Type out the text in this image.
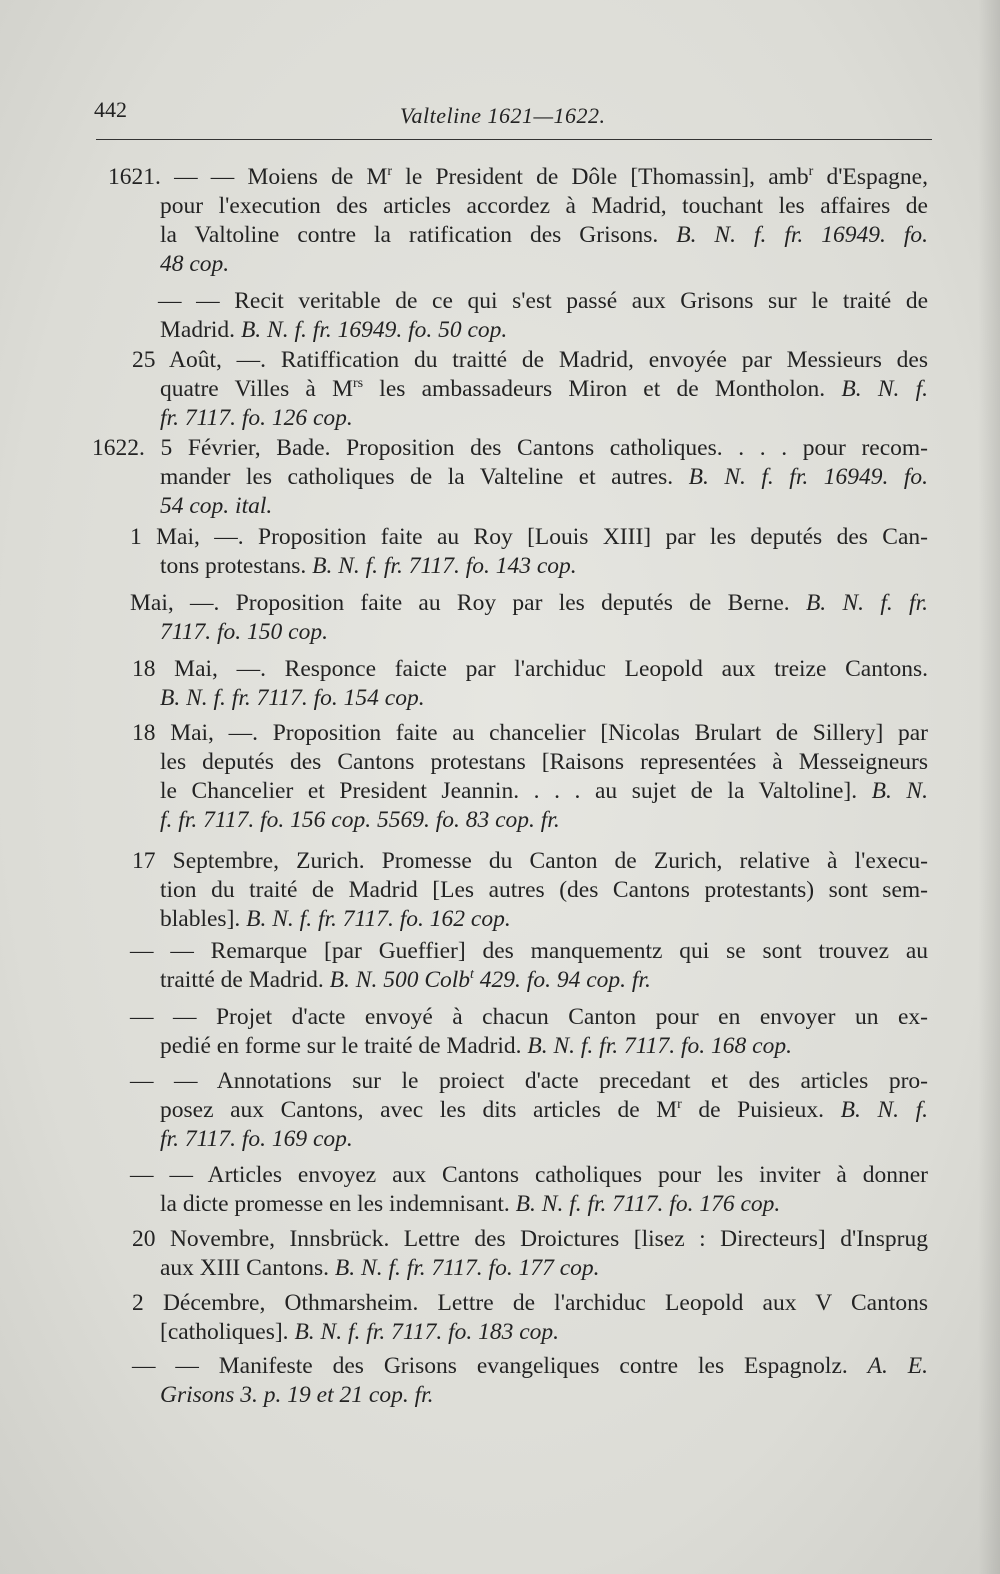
442	Valteline 1621—1622.
1621. — — Moiens de $M^r$ le President de Dôle [Thomassin], amb$^r$ d'Espagne,
pour l'execution des articles accordez à Madrid, touchant les affaires de
la Valtoline contre la ratification des Grisons. B. N. f. fr. 16949. fo.
48 cop.
— — Recit veritable de ce qui s'est passé aux Grisons sur le traité de
Madrid. B. N. f. fr. 16949. fo. 50 cop.
25 Août, —. Ratiffication du traitté de Madrid, envoyée par Messieurs des
quatre Villes à $M^{rs}$ les ambassadeurs Miron et de Montholon. B. N. f.
fr. 7117. fo. 126 cop.
1622. 5 Février, Bade. Proposition des Cantons catholiques. . . . pour recom-
mander les catholiques de la Valteline et autres. B. N. f. fr. 16949. fo.
54 cop. ital.
1 Mai, —. Proposition faite au Roy [Louis XIII] par les deputés des Can-
tons protestans. B. N. f. fr. 7117. fo. 143 cop.
Mai, —. Proposition faite au Roy par les deputés de Berne. B. N. f. fr.
7117. fo. 150 cop.
18 Mai, —. Responce faicte par l'archiduc Leopold aux treize Cantons.
B. N. f. fr. 7117. fo. 154 cop.
18 Mai, —. Proposition faite au chancelier [Nicolas Brulart de Sillery] par
les deputés des Cantons protestans [Raisons representées à Messeigneurs
le Chancelier et President Jeannin. . . . au sujet de la Valtoline]. B. N.
f. fr. 7117. fo. 156 cop. 5569. fo. 83 cop. fr.
17 Septembre, Zurich. Promesse du Canton de Zurich, relative à l'execu-
tion du traité de Madrid [Les autres (des Cantons protestants) sont sem-
blables]. B. N. f. fr. 7117. fo. 162 cop.
— — Remarque [par Gueffier] des manquementz qui se sont trouvez au
traitté de Madrid. B. N. 500 Colb$^t$ 429. fo. 94 cop. fr.
— — Projet d'acte envoyé à chacun Canton pour en envoyer un ex-
pedié en forme sur le traité de Madrid. B. N. f. fr. 7117. fo. 168 cop.
— — Annotations sur le proiect d'acte precedant et des articles pro-
posez aux Cantons, avec les dits articles de $M^r$ de Puisieux. B. N. f.
fr. 7117. fo. 169 cop.
— — Articles envoyez aux Cantons catholiques pour les inviter à donner
la dicte promesse en les indemnisant. B. N. f. fr. 7117. fo. 176 cop.
20 Novembre, Innsbrück. Lettre des Droictures [lisez : Directeurs] d'Insprug
aux XIII Cantons. B. N. f. fr. 7117. fo. 177 cop.
2 Décembre, Othmarsheim. Lettre de l'archiduc Leopold aux V Cantons
[catholiques]. B. N. f. fr. 7117. fo. 183 cop.
— — Manifeste des Grisons evangeliques contre les Espagnolz. A. E.
Grisons 3. p. 19 et 21 cop. fr.
